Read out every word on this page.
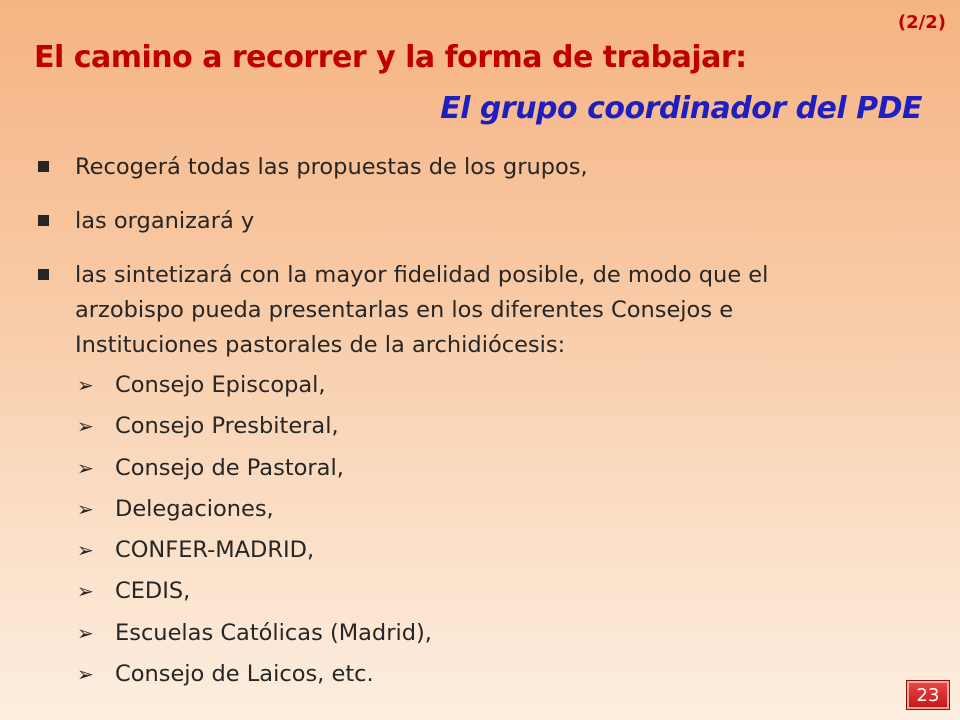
(2/2)
El camino a recorrer y la forma de trabajar:
El grupo coordinador del PDE
Recogerá todas las propuestas de los grupos,
las organizará y
las sintetizará con la mayor fidelidad posible, de modo que el arzobispo pueda presentarlas en los diferentes Consejos e Instituciones pastorales de la archidiócesis:
➢ Consejo Episcopal,
➢ Consejo Presbiteral,
➢ Consejo de Pastoral,
➢ Delegaciones,
➢ CONFER-MADRID,
➢ CEDIS,
➢ Escuelas Católicas (Madrid),
➢ Consejo de Laicos, etc.
23
